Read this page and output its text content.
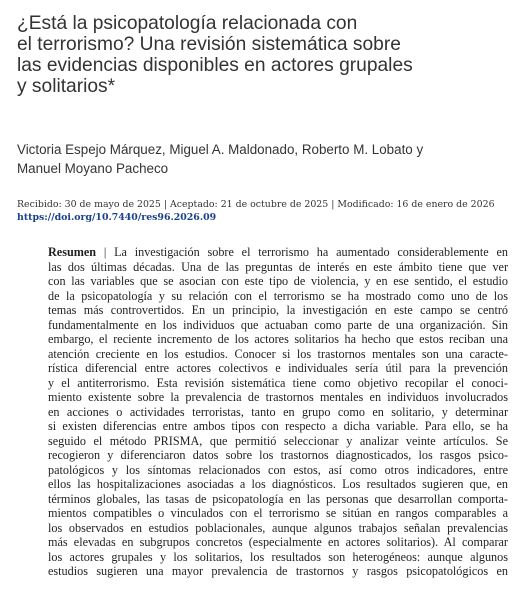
¿Está la psicopatología relacionada con
el terrorismo? Una revisión sistemática sobre
las evidencias disponibles en actores grupales
y solitarios*
Victoria Espejo Márquez, Miguel A. Maldonado, Roberto M. Lobato y
Manuel Moyano Pacheco
Recibido: 30 de mayo de 2025 | Aceptado: 21 de octubre de 2025 | Modificado: 16 de enero de 2026
https://doi.org/10.7440/res96.2026.09
Resumen | La investigación sobre el terrorismo ha aumentado considerablemente en
las dos últimas décadas. Una de las preguntas de interés en este ámbito tiene que ver
con las variables que se asocian con este tipo de violencia, y en ese sentido, el estudio
de la psicopatología y su relación con el terrorismo se ha mostrado como uno de los
temas más controvertidos. En un principio, la investigación en este campo se centró
fundamentalmente en los individuos que actuaban como parte de una organización. Sin
embargo, el reciente incremento de los actores solitarios ha hecho que estos reciban una
atención creciente en los estudios. Conocer si los trastornos mentales son una caracte-
rística diferencial entre actores colectivos e individuales sería útil para la prevención
y el antiterrorismo. Esta revisión sistemática tiene como objetivo recopilar el conoci-
miento existente sobre la prevalencia de trastornos mentales en individuos involucrados
en acciones o actividades terroristas, tanto en grupo como en solitario, y determinar
si existen diferencias entre ambos tipos con respecto a dicha variable. Para ello, se ha
seguido el método PRISMA, que permitió seleccionar y analizar veinte artículos. Se
recogieron y diferenciaron datos sobre los trastornos diagnosticados, los rasgos psico-
patológicos y los síntomas relacionados con estos, así como otros indicadores, entre
ellos las hospitalizaciones asociadas a los diagnósticos. Los resultados sugieren que, en
términos globales, las tasas de psicopatología en las personas que desarrollan comporta-
mientos compatibles o vinculados con el terrorismo se sitúan en rangos comparables a
los observados en estudios poblacionales, aunque algunos trabajos señalan prevalencias
más elevadas en subgrupos concretos (especialmente en actores solitarios). Al comparar
los actores grupales y los solitarios, los resultados son heterogéneos: aunque algunos
estudios sugieren una mayor prevalencia de trastornos y rasgos psicopatológicos en
